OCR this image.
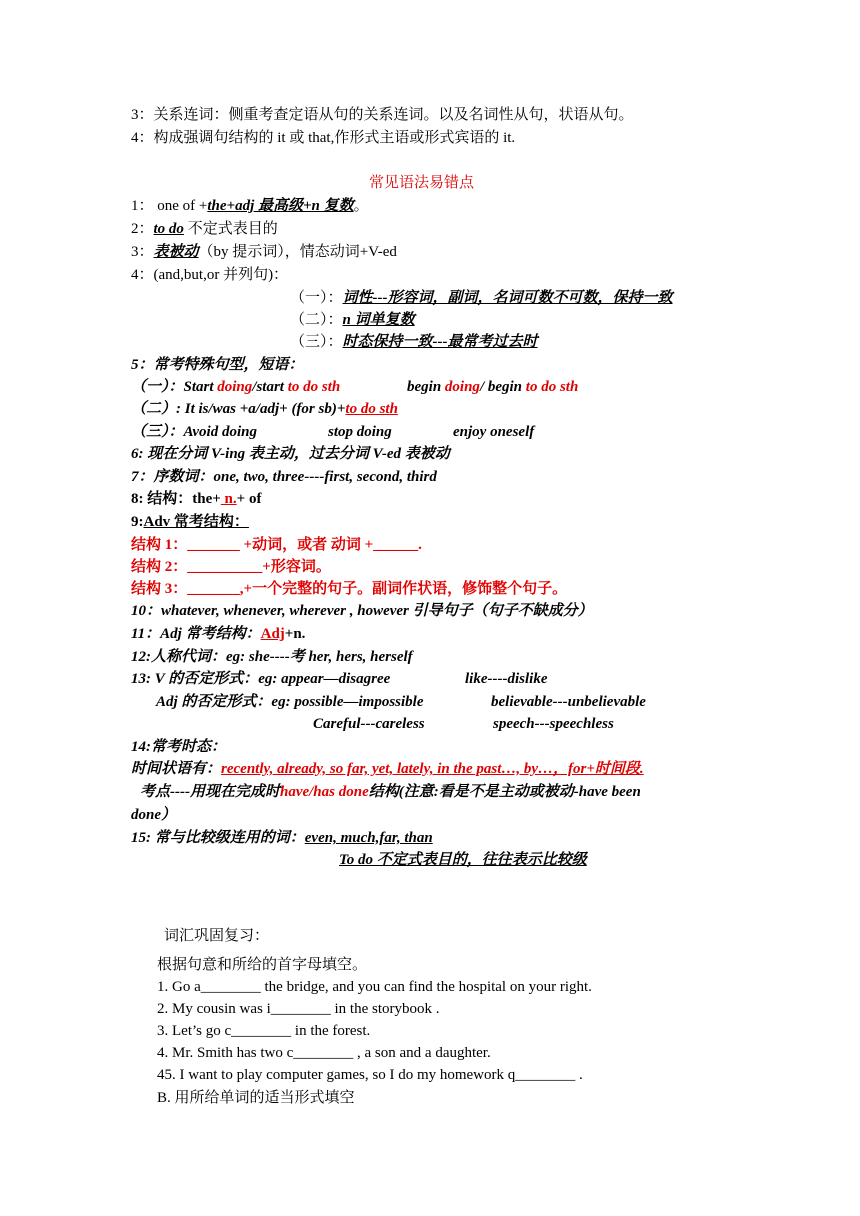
3：关系连词：侧重考查定语从句的关系连词。以及名词性从句，状语从句。
4：构成强调句结构的 it 或 that,作形式主语或形式宾语的 it.
常见语法易错点
1： one of +the+adj 最高级+n 复数。
2：to do 不定式表目的
3：表被动（by 提示词），情态动词+V-ed
4：(and,but,or 并列句)：
（一）：词性---形容词，副词，名词可数不可数，保持一致
（二）：n 词单复数
（三）：时态保持一致---最常考过去时
5：常考特殊句型，短语：
（一）：Start doing/start to do sth	begin doing/ begin to do sth
（二）: It is/was +a/adj+ (for sb)+to do sth
（三）：Avoid doing	stop doing	enjoy oneself
6: 现在分词 V-ing 表主动，过去分词 V-ed 表被动
7：序数词：one, two, three----first, second, third
8: 结构：the+ n.+ of
9:Adv 常考结构：
结构 1：_______ +动词，或者 动词 +______.
结构 2：__________+形容词。
结构 3：_______,+一个完整的句子。副词作状语，修饰整个句子。
10：whatever, whenever, wherever , however 引导句子（句子不缺成分）
11：Adj 常考结构：Adj+n.
12:人称代词：eg: she----考 her, hers, herself
13: V 的否定形式：eg: appear—disagree	like----dislike
Adj 的否定形式：eg: possible—impossible	believable---unbelievable
Careful---careless	speech---speechless
14:常考时态：
时间状语有：recently, already, so far, yet, lately, in the past…, by…，for+时间段.
考点----用现在完成时have/has done结构(注意:看是不是主动或被动-have been
done）
15: 常与比较级连用的词：even, much,far, than
To do 不定式表目的，往往表示比较级
词汇巩固复习：
根据句意和所给的首字母填空。
1. Go a________ the bridge, and you can find the hospital on your right.
2. My cousin was i________ in the storybook .
3. Let’s go c________ in the forest.
4. Mr. Smith has two c________ , a son and a daughter.
45. I want to play computer games, so I do my homework q________ .
B. 用所给单词的适当形式填空
